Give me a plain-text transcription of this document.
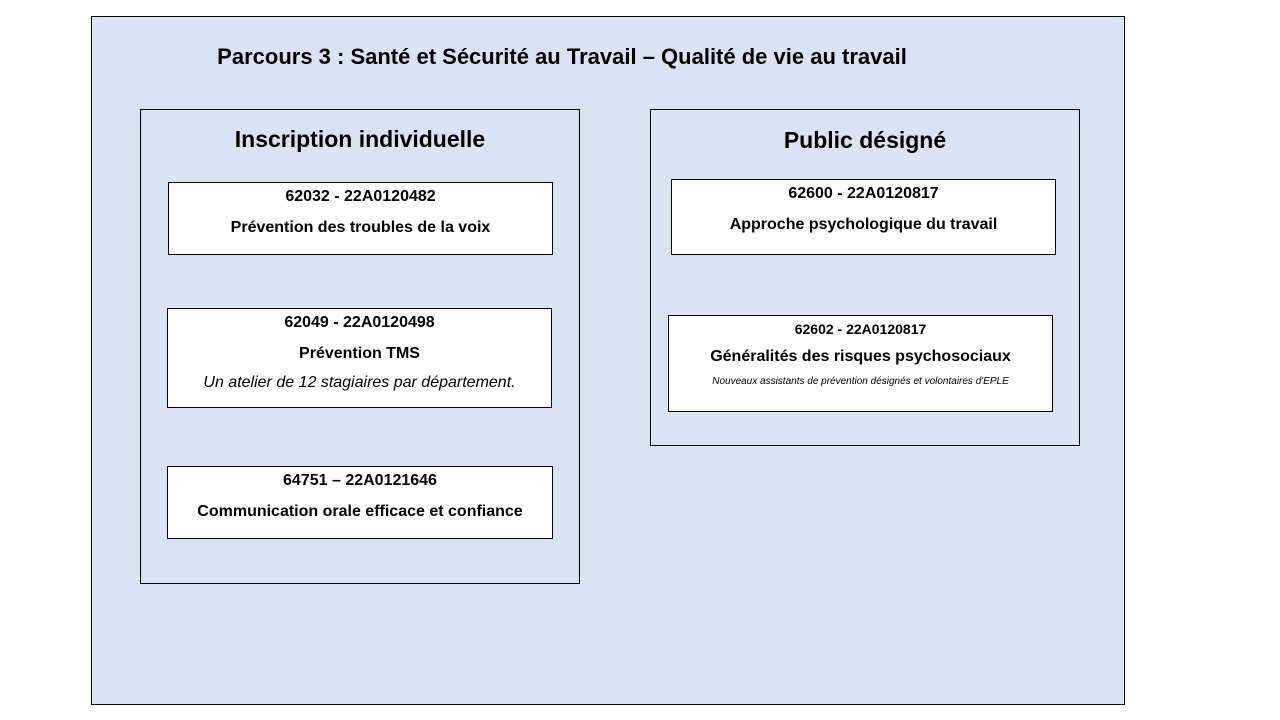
Parcours 3 : Santé et Sécurité au Travail – Qualité de vie au travail
Inscription individuelle
62032 - 22A0120482
Prévention des troubles de la voix
62049 - 22A0120498
Prévention TMS
Un atelier de 12 stagiaires par département.
64751 – 22A0121646
Communication orale efficace et confiance
Public désigné
62600 - 22A0120817
Approche psychologique du travail
62602 - 22A0120817
Généralités des risques psychosociaux
Nouveaux assistants de prévention désignés et volontaires d'EPLE
